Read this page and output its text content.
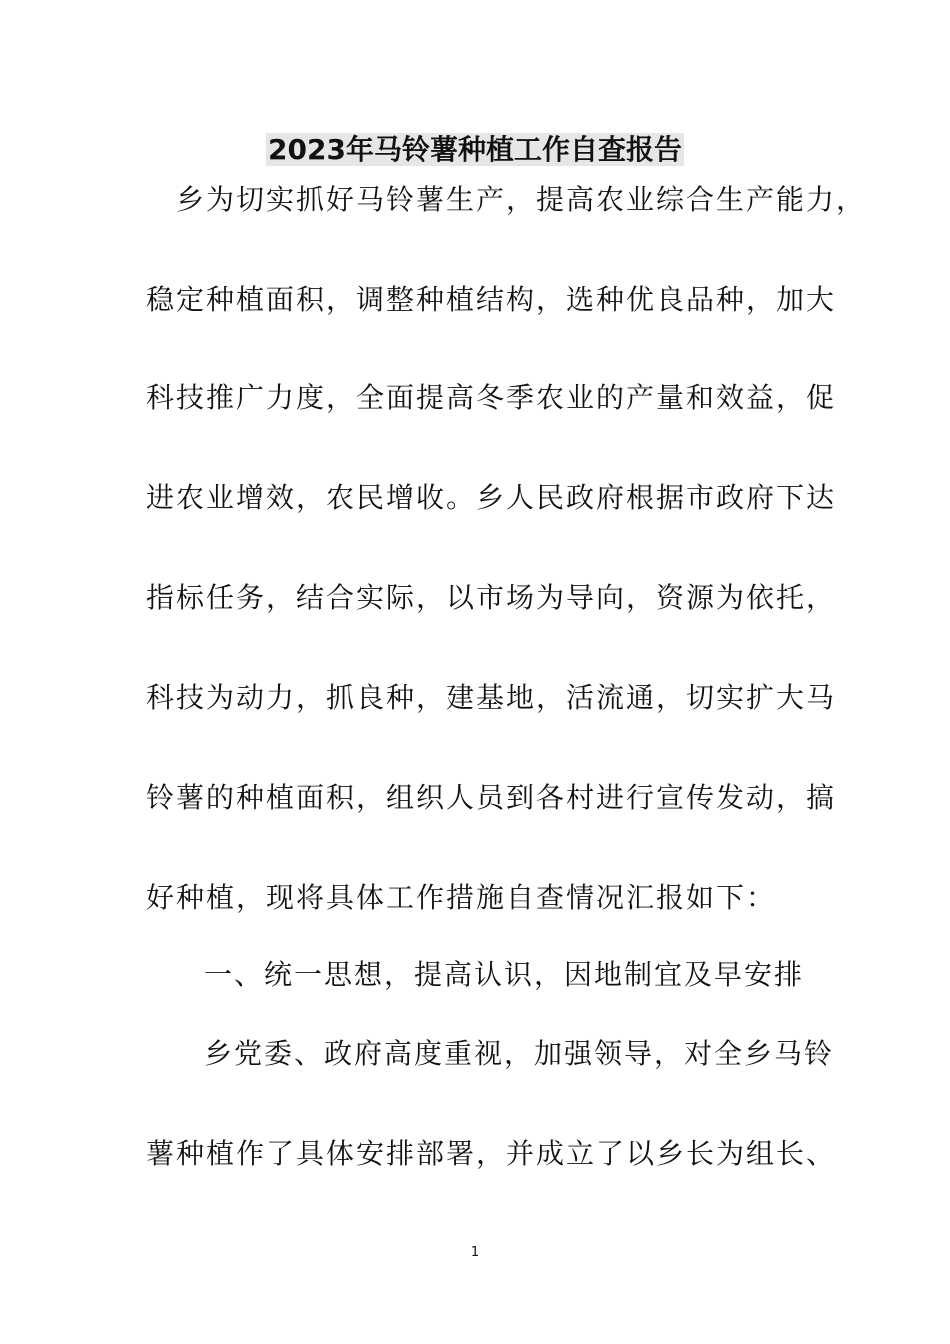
2023年马铃薯种植工作自查报告
乡为切实抓好马铃薯生产，提高农业综合生产能力，
稳定种植面积，调整种植结构，选种优良品种，加大
科技推广力度，全面提高冬季农业的产量和效益，促
进农业增效，农民增收。乡人民政府根据市政府下达
指标任务，结合实际，以市场为导向，资源为依托，
科技为动力，抓良种，建基地，活流通，切实扩大马
铃薯的种植面积，组织人员到各村进行宣传发动，搞
好种植，现将具体工作措施自查情况汇报如下：
一、统一思想，提高认识，因地制宜及早安排
乡党委、政府高度重视，加强领导，对全乡马铃
薯种植作了具体安排部署，并成立了以乡长为组长、
1
